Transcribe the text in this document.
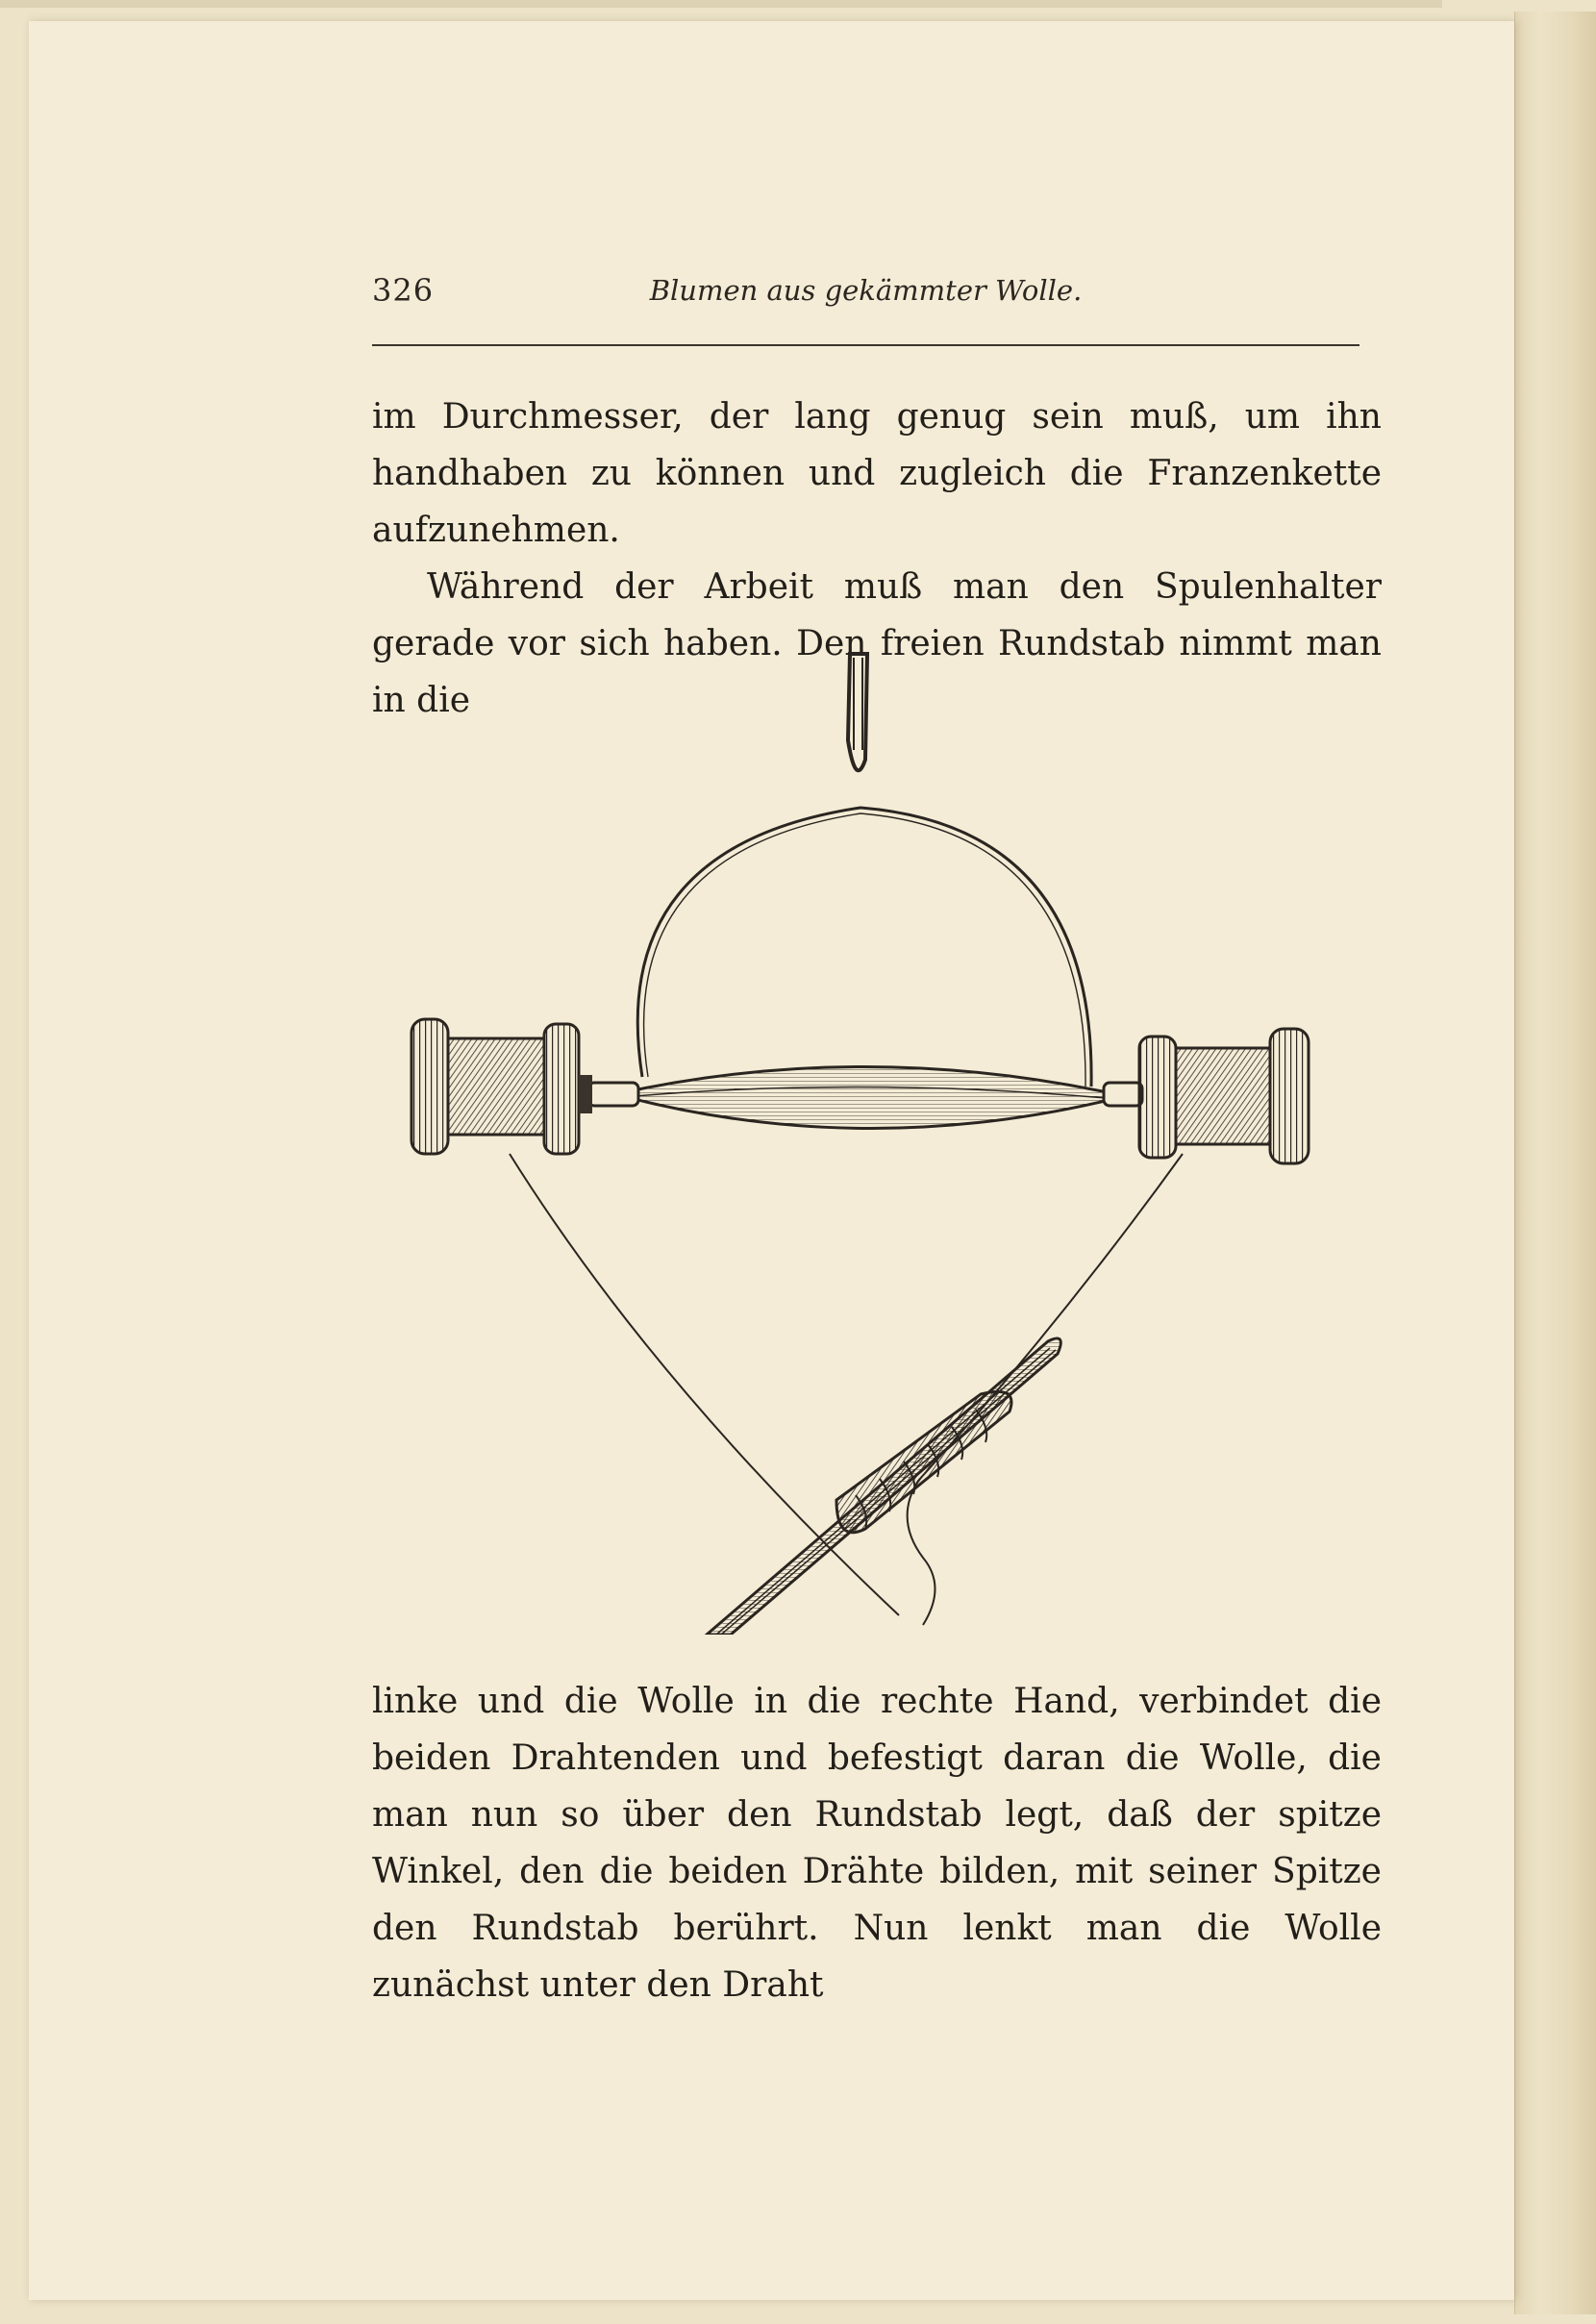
326	Blumen aus gekämmter Wolle.

im Durchmesser, der lang genug sein muß, um ihn handhaben zu können und zugleich die Franzenkette aufzunehmen.

Während der Arbeit muß man den Spulenhalter gerade vor sich haben. Den freien Rundstab nimmt man in die

linke und die Wolle in die rechte Hand, verbindet die beiden Drahtenden und befestigt daran die Wolle, die man nun so über den Rundstab legt, daß der spitze Winkel, den die beiden Drähte bilden, mit seiner Spitze den Rundstab berührt. Nun lenkt man die Wolle zunächst unter den Draht
